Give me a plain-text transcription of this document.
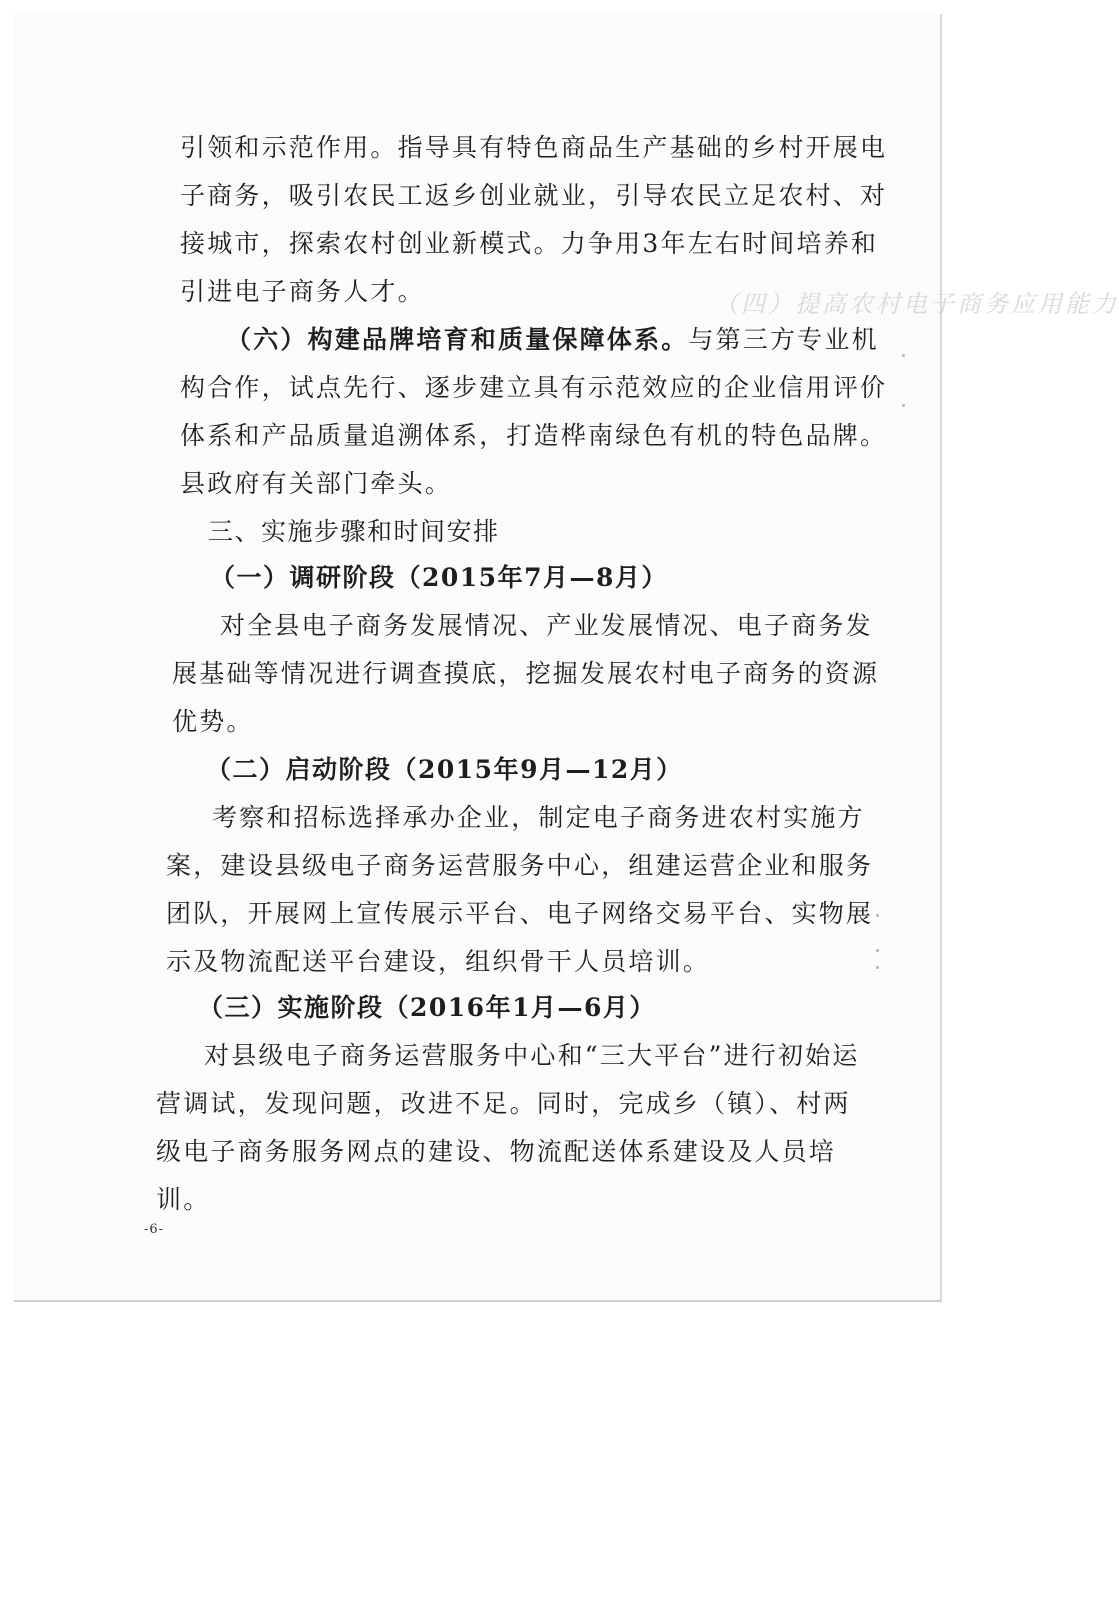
（四）提高农村电子商务应用能力
引领和示范作用。指导具有特色商品生产基础的乡村开展电
子商务，吸引农民工返乡创业就业，引导农民立足农村、对
接城市，探索农村创业新模式。力争用3年左右时间培养和
引进电子商务人才。
（六）构建品牌培育和质量保障体系。与第三方专业机
构合作，试点先行、逐步建立具有示范效应的企业信用评价
体系和产品质量追溯体系，打造桦南绿色有机的特色品牌。
县政府有关部门牵头。
三、实施步骤和时间安排
（一）调研阶段（2015年7月—8月）
对全县电子商务发展情况、产业发展情况、电子商务发
展基础等情况进行调查摸底，挖掘发展农村电子商务的资源
优势。
（二）启动阶段（2015年9月—12月）
考察和招标选择承办企业，制定电子商务进农村实施方
案，建设县级电子商务运营服务中心，组建运营企业和服务
团队，开展网上宣传展示平台、电子网络交易平台、实物展
示及物流配送平台建设，组织骨干人员培训。
（三）实施阶段（2016年1月—6月）
对县级电子商务运营服务中心和“三大平台”进行初始运
营调试，发现问题，改进不足。同时，完成乡（镇）、村两
级电子商务服务网点的建设、物流配送体系建设及人员培
训。
-6-
